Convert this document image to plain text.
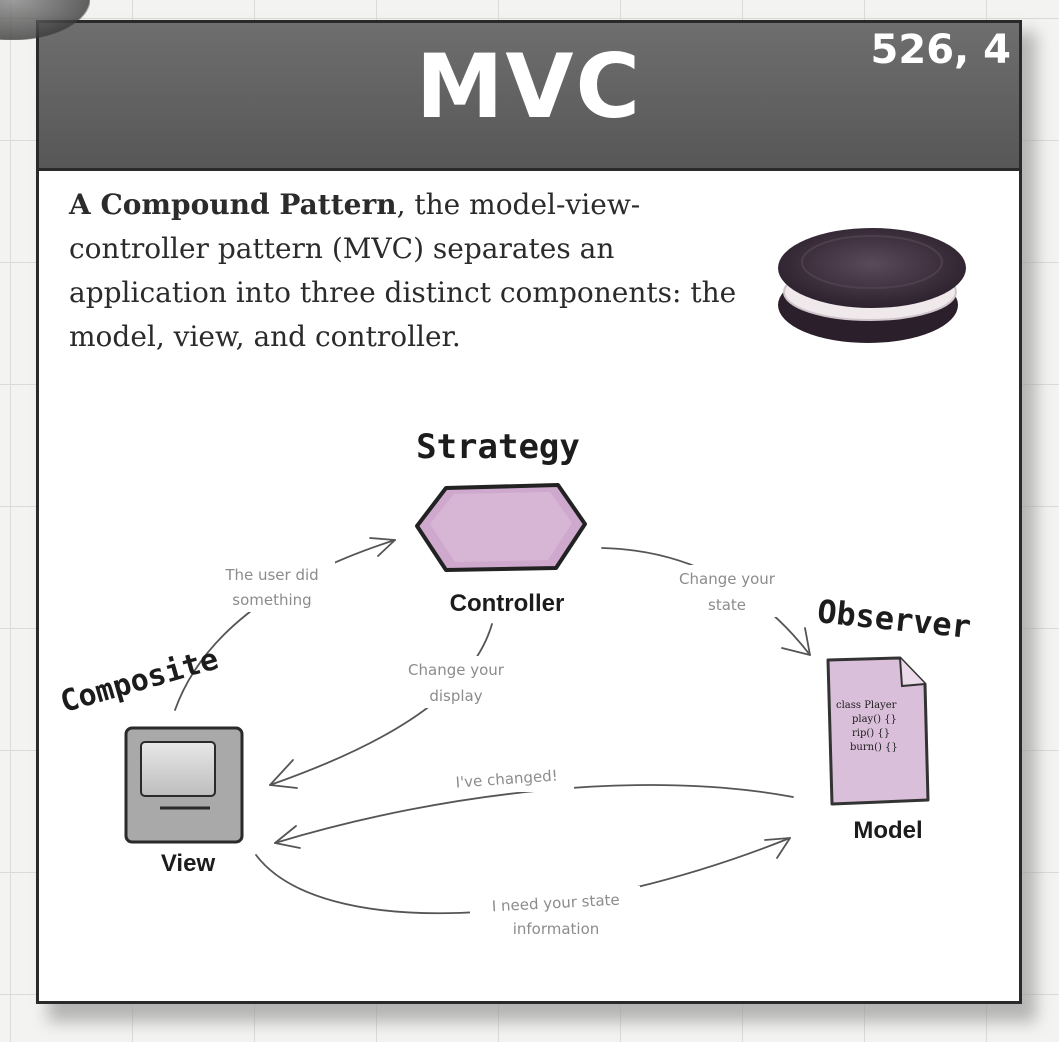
MVC	526, 4
A Compound Pattern, the model-view-controller pattern (MVC) separates an application into three distinct components: the model, view, and controller.
The user did
something
Change your
state
Change your
display
I've changed!
I need your state
information
Controller
class Player
play() {}
rip() {}
burn() {}
Model
View
Strategy
Observer
Composite
